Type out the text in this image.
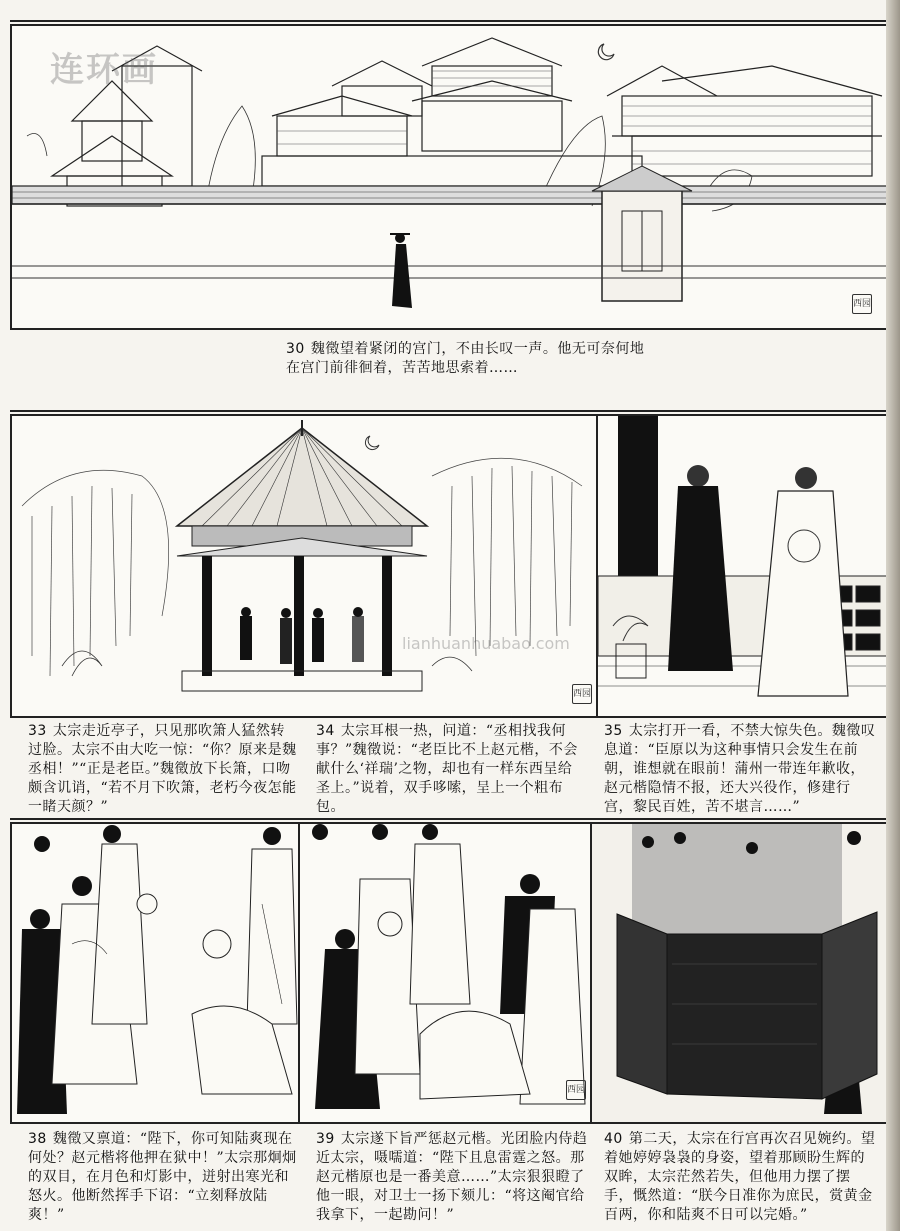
连环画
西园
30 魏徵望着紧闭的宫门，不由长叹一声。他无可奈何地
在宫门前徘徊着，苦苦地思索着……
lianhuanhuabao.com
西园
33 太宗走近亭子，只见那吹箫人猛然转过脸。太宗不由大吃一惊：“你？原来是魏丞相！”“正是老臣。”魏徵放下长箫，口吻颇含讥诮，“若不月下吹箫，老朽今夜怎能一睹天颜？”
34 太宗耳根一热，问道：“丞相找我何事？”魏徵说：“老臣比不上赵元楷，不会献什么‘祥瑞’之物，却也有一样东西呈给圣上。”说着，双手哆嗦，呈上一个粗布包。
35 太宗打开一看，不禁大惊失色。魏徵叹息道：“臣原以为这种事情只会发生在前朝，谁想就在眼前！蒲州一带连年歉收，赵元楷隐情不报，还大兴役作，修建行宫，黎民百姓，苦不堪言……”
西园
38 魏徵又禀道：“陛下，你可知陆爽现在何处？赵元楷将他押在狱中！”太宗那炯炯的双目，在月色和灯影中，迸射出寒光和怒火。他断然挥手下诏：“立刻释放陆爽！”
39 太宗遂下旨严惩赵元楷。光团脸内侍趋近太宗，嗫嚅道：“陛下且息雷霆之怒。那赵元楷原也是一番美意……”太宗狠狠瞪了他一眼，对卫士一扬下颏儿：“将这阉官给我拿下，一起勘问！”
40 第二天，太宗在行宫再次召见婉约。望着她婷婷袅袅的身姿，望着那顾盼生辉的双眸，太宗茫然若失，但他用力摆了摆手，慨然道：“朕今日准你为庶民，赏黄金百两，你和陆爽不日可以完婚。”
